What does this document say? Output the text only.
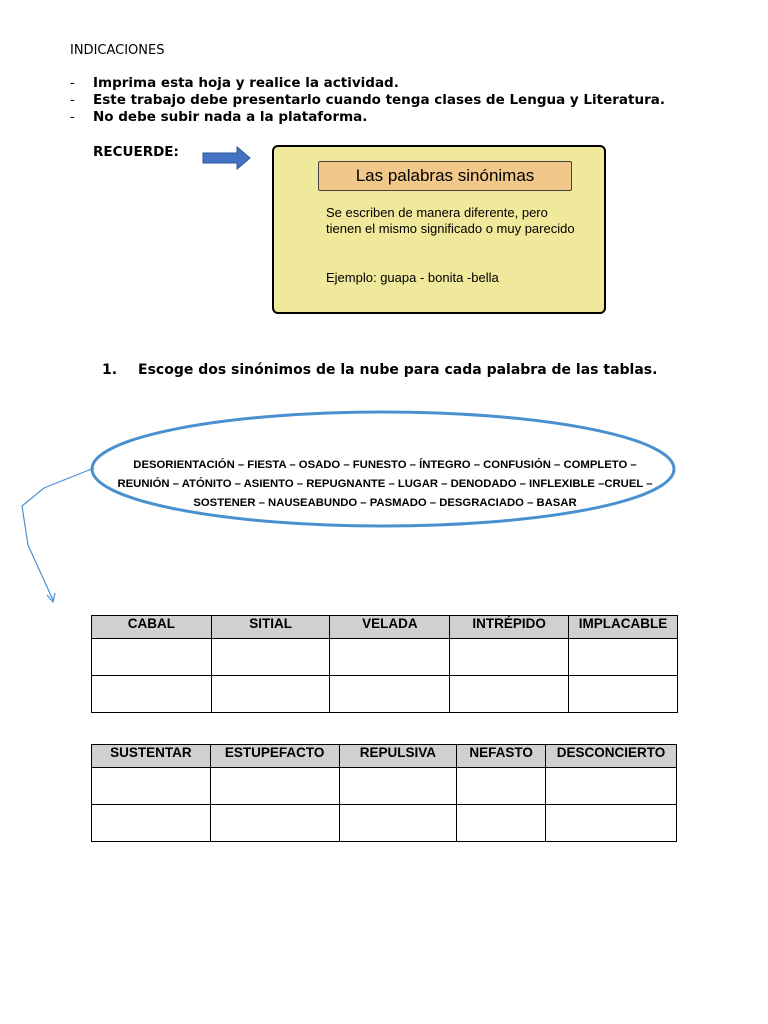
INDICACIONES
- Imprima esta hoja y realice la actividad.
- Este trabajo debe presentarlo cuando tenga clases de Lengua y Literatura.
- No debe subir nada a la plataforma.
RECUERDE:
Las palabras sinónimas
Se escriben de manera diferente, pero tienen el mismo significado o muy parecido
Ejemplo: guapa - bonita -bella
1. Escoge dos sinónimos de la nube para cada palabra de las tablas.
DESORIENTACIÓN – FIESTA – OSADO – FUNESTO – ÍNTEGRO – CONFUSIÓN – COMPLETO –
REUNIÓN – ATÓNITO – ASIENTO – REPUGNANTE – LUGAR – DENODADO – INFLEXIBLE –CRUEL –
SOSTENER – NAUSEABUNDO – PASMADO – DESGRACIADO – BASAR
CABAL	SITIAL	VELADA	INTRÉPIDO	IMPLACABLE

SUSTENTAR	ESTUPEFACTO	REPULSIVA	NEFASTO	DESCONCIERTO
